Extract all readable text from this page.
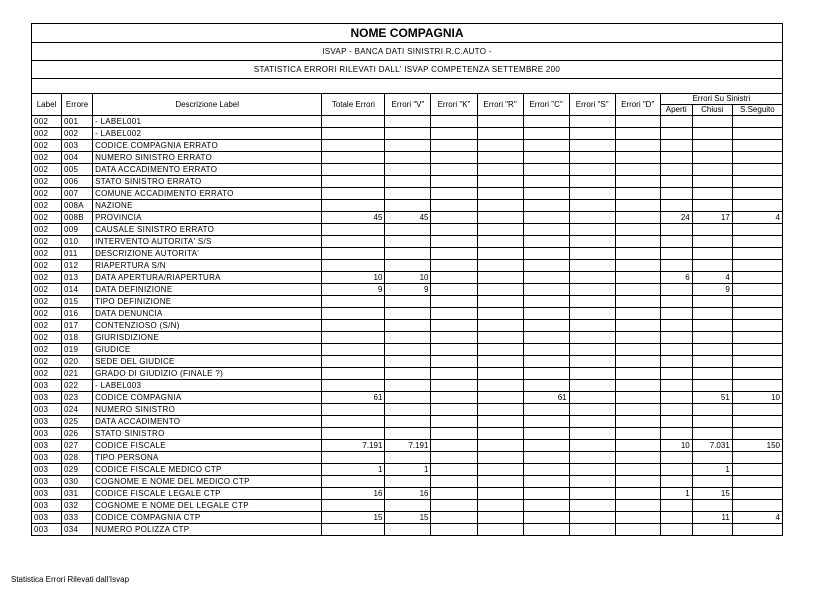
NOME COMPAGNIA
ISVAP - BANCA DATI SINISTRI R.C.AUTO -
STATISTICA ERRORI RILEVATI DALL' ISVAP COMPETENZA SETTEMBRE 200
Label	Errore	Descrizione Label	Totale Errori	Errori "V"	Errori "K"	Errori "R"	Errori "C"	Errori "S"	Errori "D"	Errori Su Sinistri		
										Aperti	Chiusi	S.Seguito
002	001	- LABEL001										
002	002	- LABEL002										
002	003	CODICE COMPAGNIA ERRATO										
002	004	NUMERO SINISTRO ERRATO										
002	005	DATA ACCADIMENTO ERRATO										
002	006	STATO SINISTRO ERRATO										
002	007	COMUNE ACCADIMENTO ERRATO										
002	008A	NAZIONE										
002	008B	PROVINCIA	45	45						24	17	4
002	009	CAUSALE SINISTRO ERRATO										
002	010	INTERVENTO AUTORITA' S/S										
002	011	DESCRIZIONE AUTORITA'										
002	012	RIAPERTURA S/N										
002	013	DATA APERTURA/RIAPERTURA	10	10						6	4	
002	014	DATA DEFINIZIONE	9	9							9	
002	015	TIPO DEFINIZIONE										
002	016	DATA DENUNCIA										
002	017	CONTENZIOSO (S/N)										
002	018	GIURISDIZIONE										
002	019	GIUDICE										
002	020	SEDE DEL GIUDICE										
002	021	GRADO DI GIUDIZIO (FINALE ?)										
003	022	- LABEL003										
003	023	CODICE COMPAGNIA	61				61				51	10
003	024	NUMERO SINISTRO										
003	025	DATA ACCADIMENTO										
003	026	STATO SINISTRO										
003	027	CODICE FISCALE	7.191	7.191						10	7.031	150
003	028	TIPO PERSONA										
003	029	CODICE FISCALE MEDICO CTP	1	1							1	
003	030	COGNOME E NOME DEL MEDICO CTP										
003	031	CODICE FISCALE LEGALE CTP	16	16						1	15	
003	032	COGNOME E NOME DEL LEGALE CTP										
003	033	CODICE COMPAGNIA CTP	15	15							11	4
003	034	NUMERO POLIZZA CTP										
Statistica Errori Rilevati dall'Isvap
